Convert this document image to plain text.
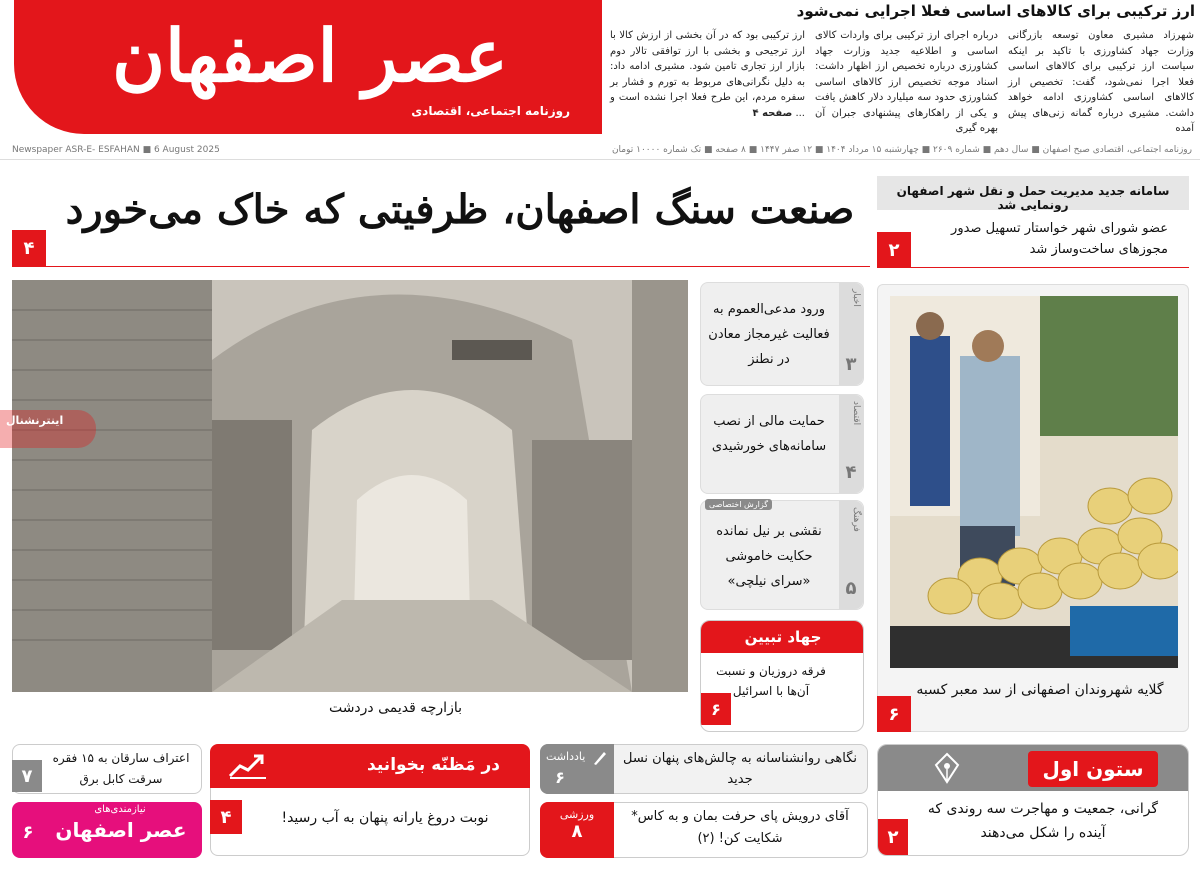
عصر اصفهان
روزنامه اجتماعی، اقتصادی
ارز ترکیبی برای کالاهای اساسی فعلا اجرایی نمی‌شود
شهرزاد مشیری معاون توسعه بازرگانی وزارت جهاد کشاورزی با تاکید بر اینکه سیاست ارز ترکیبی برای کالاهای اساسی فعلا اجرا نمی‌شود، گفت: تخصیص ارز کالاهای اساسی کشاورزی ادامه خواهد داشت. مشیری درباره گمانه زنی‌های پیش آمده
درباره اجرای ارز ترکیبی برای واردات کالای اساسی و اطلاعیه جدید وزارت جهاد کشاورزی درباره تخصیص ارز اظهار داشت: اسناد موجه تخصیص ارز کالاهای اساسی کشاورزی حدود سه میلیارد دلار کاهش یافت و یکی از راهکارهای پیشنهادی جبران آن بهره گیری
ارز ترکیبی بود که در آن بخشی از ارزش کالا با ارز ترجیحی و بخشی با ارز توافقی تالار دوم بازار ارز تجاری تامین شود. مشیری ادامه داد: به دلیل نگرانی‌های مربوط به تورم و فشار بر سفره مردم، این طرح فعلا اجرا نشده است و ... صفحه ۴
Newspaper ASR-E- ESFAHAN ■ 6 August 2025	روزنامه اجتماعی، اقتصادی صبح اصفهان ■ سال دهم ■ شماره ۲۶۰۹ ■ چهارشنبه ۱۵ مرداد ۱۴۰۴ ■ ۱۲ صفر ۱۴۴۷ ■ ۸ صفحه ■ تک شماره ۱۰۰۰۰ تومان
صنعت سنگ اصفهان، ظرفیتی که خاک می‌خورد
۴
سامانه جدید مدیریت حمل و نقل شهر اصفهان رونمایی شد
عضو شورای شهر خواستار تسهیل صدور مجوزهای ساخت‌وساز شد
۲
بازارچه قدیمی دردشت
اینترنشنال
اخبار
۳
ورود مدعی‌العموم به فعالیت غیرمجاز معادن در نطنز
اقتصاد
۴
حمایت مالی از نصب سامانه‌های خورشیدی
فرهنگ
۵
گزارش اختصاصی
نقشی بر نیل نمانده حکایت خاموشی «سرای نیلچی»
جهاد تبیین
فرقه دروزیان و نسبت آن‌ها با اسرائیل
۶
گلایه شهروندان اصفهانی از سد معبر کسبه
۶
ستون اول
گرانی، جمعیت و مهاجرت سه روندی که آینده را شکل می‌دهند
۲
یادداشت
۶
نگاهی روانشناسانه به چالش‌های پنهان نسل جدید
ورزشی
۸
آقای درویش پای حرفت بمان و به کاس* شکایت کن! (۲)
در مَظنّه بخوانید
نوبت دروغ یارانه پنهان به آب رسید!
۴
اعتراف سارقان به ۱۵ فقره سرقت کابل برق
۷
نیازمندی‌های
عصر اصفهان
۶
